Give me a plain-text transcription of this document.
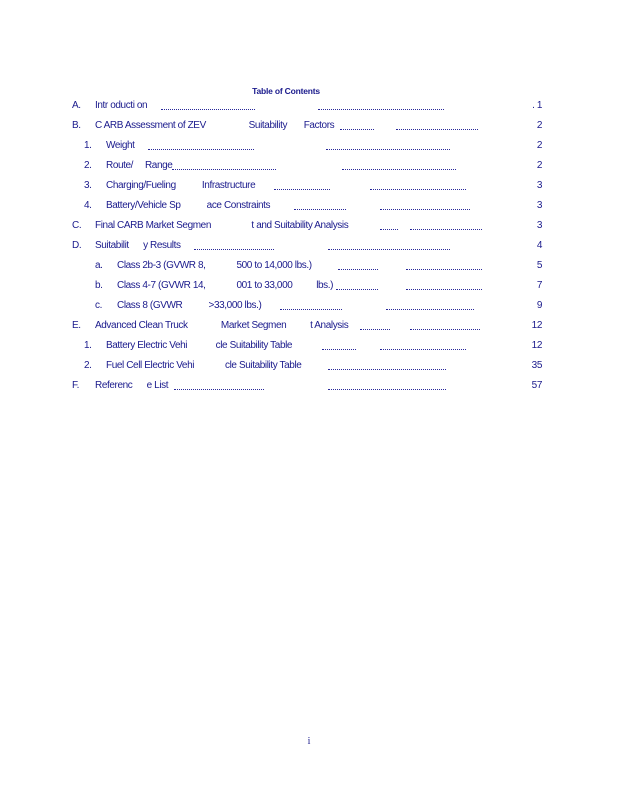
Table of Contents
A. Intr oducti on	. 1
B. C ARB Assessment of ZEV                  Suitability       Factors	2
1. Weight	2
2. Route/     Range	2
3. Charging/Fueling           Infrastructure	3
4. Battery/Vehicle Sp           ace Constraints	3
C. Final CARB Market Segmen                 t and Suitability Analysis	3
D. Suitabilit      y Results	4
a. Class 2b-3 (GVWR 8,             500 to 14,000 lbs.)	5
b. Class 4-7 (GVWR 14,             001 to 33,000          lbs.)	7
c. Class 8 (GVWR           >33,000 lbs.)	9
E. Advanced Clean Truck              Market Segmen          t Analysis	12
1. Battery Electric Vehi            cle Suitability Table	12
2. Fuel Cell Electric Vehi             cle Suitability Table	35
F. Referenc      e List	57
i
